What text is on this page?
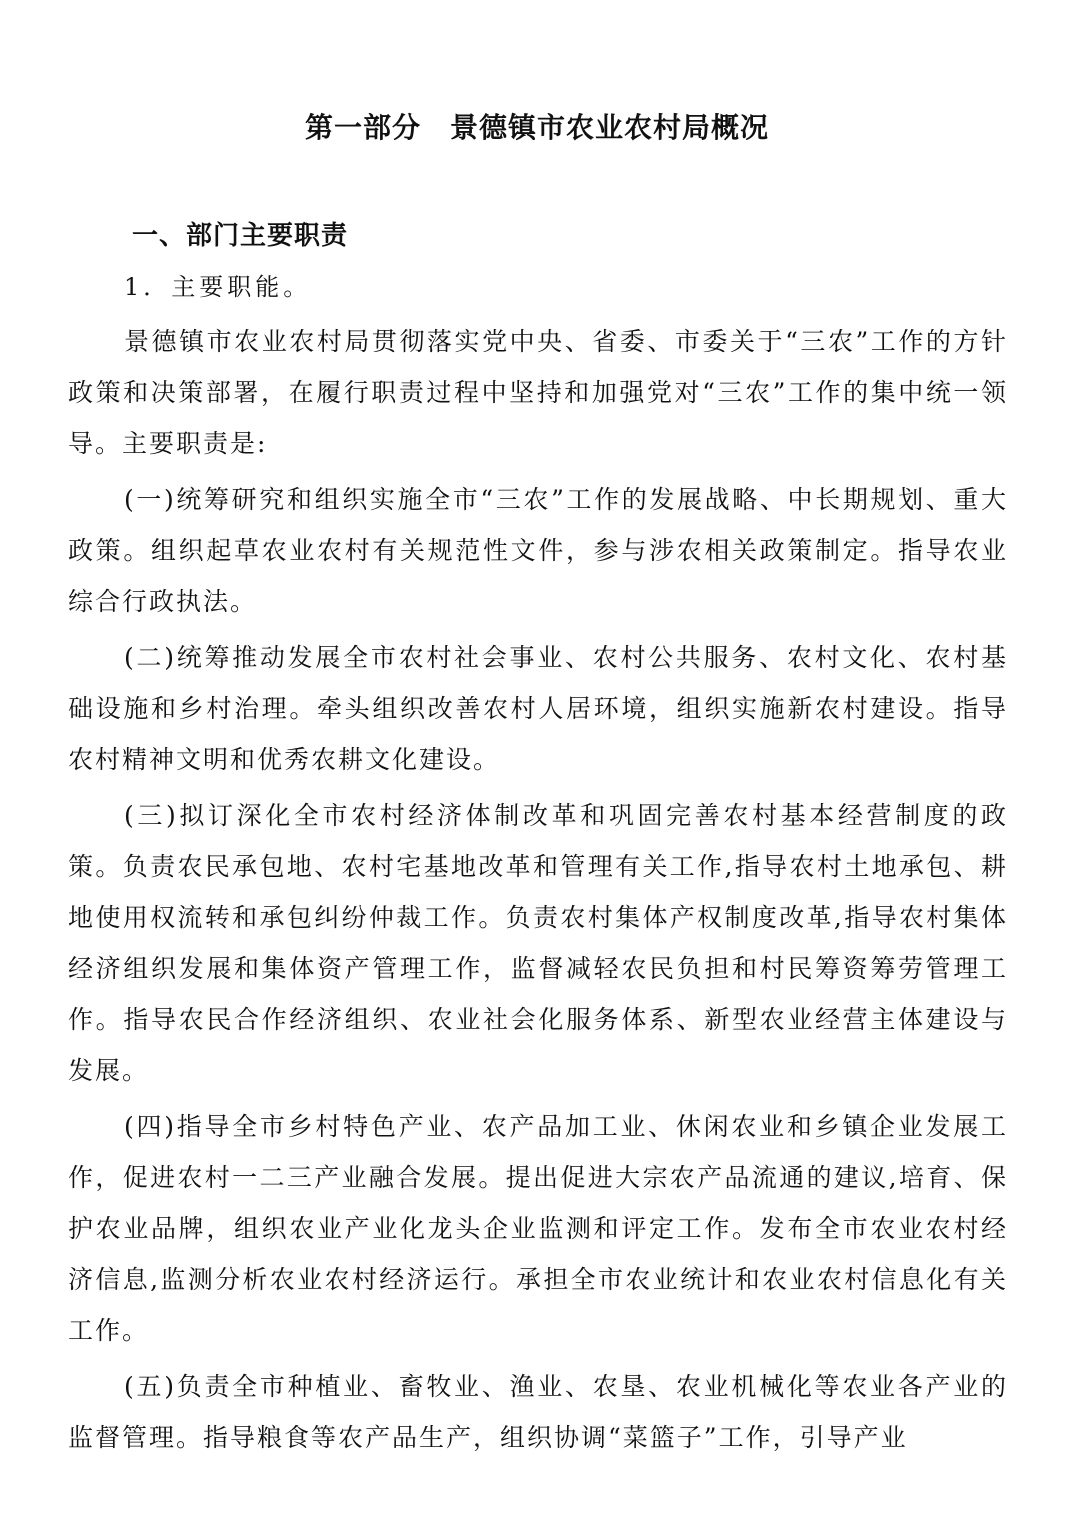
第一部分　景德镇市农业农村局概况
一、部门主要职责
1．主要职能。

景德镇市农业农村局贯彻落实党中央、省委、市委关于“三农”工作的方针政策和决策部署，在履行职责过程中坚持和加强党对“三农”工作的集中统一领导。主要职责是:

(一)统筹研究和组织实施全市“三农”工作的发展战略、中长期规划、重大政策。组织起草农业农村有关规范性文件，参与涉农相关政策制定。指导农业综合行政执法。

(二)统筹推动发展全市农村社会事业、农村公共服务、农村文化、农村基础设施和乡村治理。牵头组织改善农村人居环境，组织实施新农村建设。指导农村精神文明和优秀农耕文化建设。

(三)拟订深化全市农村经济体制改革和巩固完善农村基本经营制度的政策。负责农民承包地、农村宅基地改革和管理有关工作,指导农村土地承包、耕地使用权流转和承包纠纷仲裁工作。负责农村集体产权制度改革,指导农村集体经济组织发展和集体资产管理工作，监督减轻农民负担和村民筹资筹劳管理工作。指导农民合作经济组织、农业社会化服务体系、新型农业经营主体建设与发展。

(四)指导全市乡村特色产业、农产品加工业、休闲农业和乡镇企业发展工作，促进农村一二三产业融合发展。提出促进大宗农产品流通的建议,培育、保护农业品牌，组织农业产业化龙头企业监测和评定工作。发布全市农业农村经济信息,监测分析农业农村经济运行。承担全市农业统计和农业农村信息化有关工作。

(五)负责全市种植业、畜牧业、渔业、农垦、农业机械化等农业各产业的监督管理。指导粮食等农产品生产，组织协调“菜篮子”工作，引导产业
